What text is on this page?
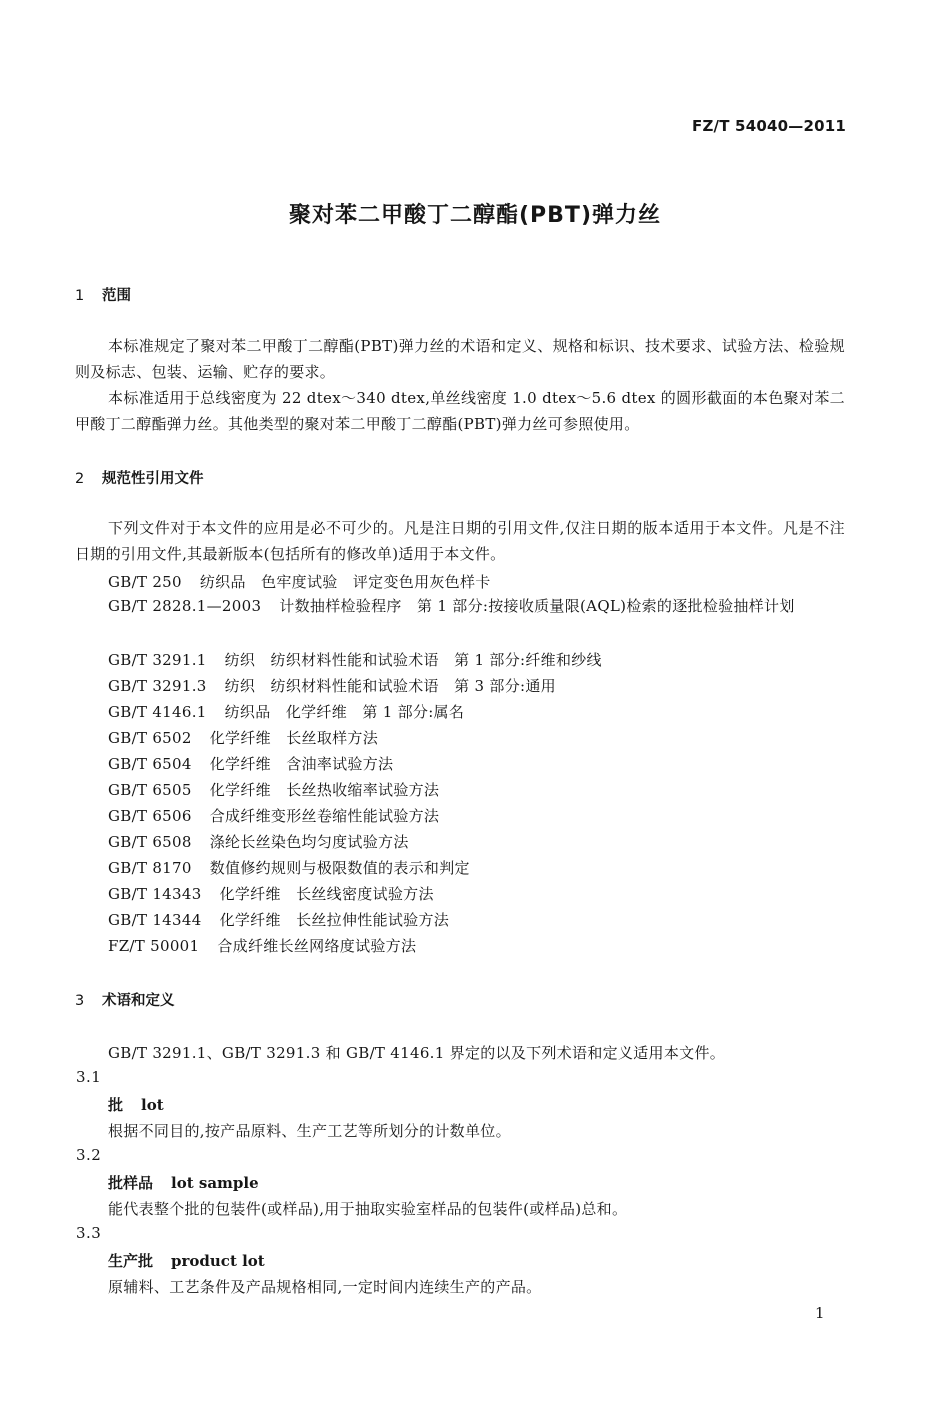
FZ/T 54040—2011
聚对苯二甲酸丁二醇酯(PBT)弹力丝
1 范围
本标准规定了聚对苯二甲酸丁二醇酯(PBT)弹力丝的术语和定义、规格和标识、技术要求、试验方法、检验规则及标志、包装、运输、贮存的要求。
本标准适用于总线密度为 22 dtex～340 dtex,单丝线密度 1.0 dtex～5.6 dtex 的圆形截面的本色聚对苯二甲酸丁二醇酯弹力丝。其他类型的聚对苯二甲酸丁二醇酯(PBT)弹力丝可参照使用。
2 规范性引用文件
下列文件对于本文件的应用是必不可少的。凡是注日期的引用文件,仅注日期的版本适用于本文件。凡是不注日期的引用文件,其最新版本(包括所有的修改单)适用于本文件。
GB/T 250 纺织品　色牢度试验　评定变色用灰色样卡
GB/T 2828.1—2003 计数抽样检验程序　第 1 部分:按接收质量限(AQL)检索的逐批检验抽样计划
GB/T 3291.1 纺织　纺织材料性能和试验术语　第 1 部分:纤维和纱线
GB/T 3291.3 纺织　纺织材料性能和试验术语　第 3 部分:通用
GB/T 4146.1 纺织品　化学纤维　第 1 部分:属名
GB/T 6502 化学纤维　长丝取样方法
GB/T 6504 化学纤维　含油率试验方法
GB/T 6505 化学纤维　长丝热收缩率试验方法
GB/T 6506 合成纤维变形丝卷缩性能试验方法
GB/T 6508 涤纶长丝染色均匀度试验方法
GB/T 8170 数值修约规则与极限数值的表示和判定
GB/T 14343 化学纤维　长丝线密度试验方法
GB/T 14344 化学纤维　长丝拉伸性能试验方法
FZ/T 50001 合成纤维长丝网络度试验方法
3 术语和定义
GB/T 3291.1、GB/T 3291.3 和 GB/T 4146.1 界定的以及下列术语和定义适用本文件。
3.1
批 lot
根据不同目的,按产品原料、生产工艺等所划分的计数单位。
3.2
批样品 lot sample
能代表整个批的包装件(或样品),用于抽取实验室样品的包装件(或样品)总和。
3.3
生产批 product lot
原辅料、工艺条件及产品规格相同,一定时间内连续生产的产品。
1
